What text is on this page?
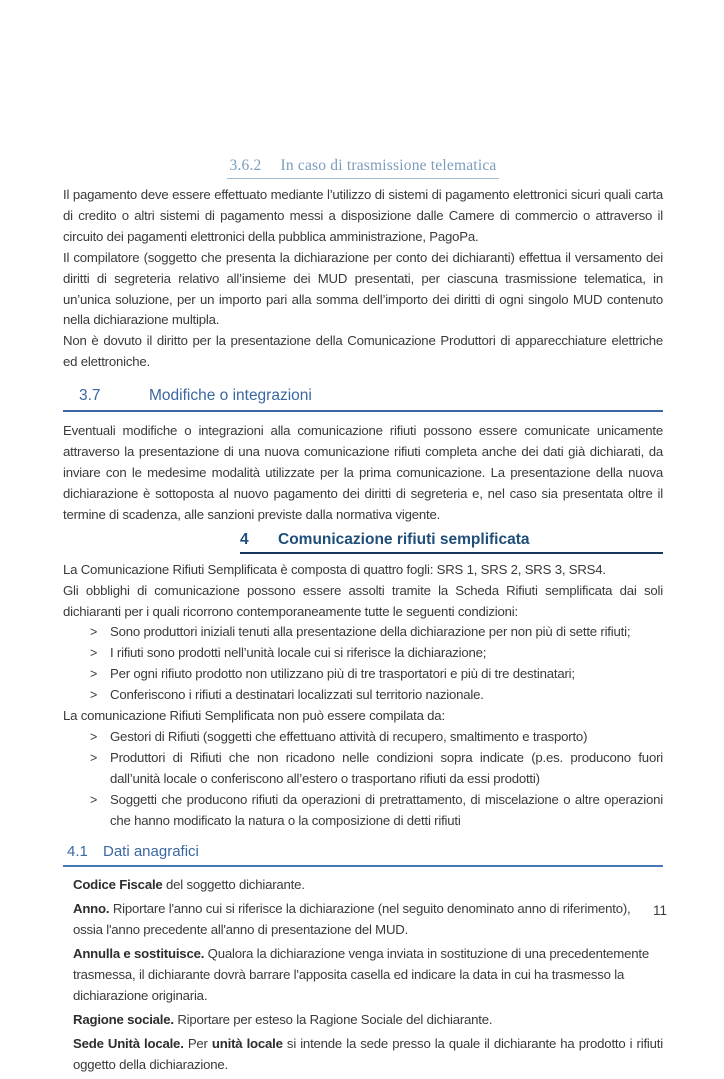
3.6.2 In caso di trasmissione telematica

Il pagamento deve essere effettuato mediante l’utilizzo di sistemi di pagamento elettronici sicuri quali carta di credito o altri sistemi di pagamento messi a disposizione dalle Camere di commercio o attraverso il circuito dei pagamenti elettronici della pubblica amministrazione, PagoPa.

Il compilatore (soggetto che presenta la dichiarazione per conto dei dichiaranti) effettua il versamento dei diritti di segreteria relativo all’insieme dei MUD presentati, per ciascuna trasmissione telematica, in un’unica soluzione, per un importo pari alla somma dell’importo dei diritti di ogni singolo MUD contenuto nella dichiarazione multipla.

Non è dovuto il diritto per la presentazione della Comunicazione Produttori di apparecchiature elettriche ed elettroniche.

3.7	Modifiche o integrazioni

Eventuali modifiche o integrazioni alla comunicazione rifiuti possono essere comunicate unicamente attraverso la presentazione di una nuova comunicazione rifiuti completa anche dei dati già dichiarati, da inviare con le medesime modalità utilizzate per la prima comunicazione. La presentazione della nuova dichiarazione è sottoposta al nuovo pagamento dei diritti di segreteria e, nel caso sia presentata oltre il termine di scadenza, alle sanzioni previste dalla normativa vigente.

4 Comunicazione rifiuti semplificata

La Comunicazione Rifiuti Semplificata è composta di quattro fogli: SRS 1, SRS 2, SRS 3, SRS4.

Gli obblighi di comunicazione possono essere assolti tramite la Scheda Rifiuti semplificata dai soli dichiaranti per i quali ricorrono contemporaneamente tutte le seguenti condizioni:

> Sono produttori iniziali tenuti alla presentazione della dichiarazione per non più di sette rifiuti;
> I rifiuti sono prodotti nell’unità locale cui si riferisce la dichiarazione;
> Per ogni rifiuto prodotto non utilizzano più di tre trasportatori e più di tre destinatari;
> Conferiscono i rifiuti a destinatari localizzati sul territorio nazionale.

La comunicazione Rifiuti Semplificata non può essere compilata da:

> Gestori di Rifiuti (soggetti che effettuano attività di recupero, smaltimento e trasporto)
> Produttori di Rifiuti che non ricadono nelle condizioni sopra indicate (p.es. producono fuori dall’unità locale o conferiscono all’estero o trasportano rifiuti da essi prodotti)
> Soggetti che producono rifiuti da operazioni di pretrattamento, di miscelazione o altre operazioni che hanno modificato la natura o la composizione di detti rifiuti
4.1 Dati anagrafici

Codice Fiscale del soggetto dichiarante.

Anno. Riportare l'anno cui si riferisce la dichiarazione (nel seguito denominato anno di riferimento), ossia l'anno precedente all'anno di presentazione del MUD.

Annulla e sostituisce. Qualora la dichiarazione venga inviata in sostituzione di una precedentemente trasmessa, il dichiarante dovrà barrare l'apposita casella ed indicare la data in cui ha trasmesso la dichiarazione originaria.

Ragione sociale. Riportare per esteso la Ragione Sociale del dichiarante.

Sede Unità locale. Per unità locale si intende la sede presso la quale il dichiarante ha prodotto i rifiuti oggetto della dichiarazione.

11
